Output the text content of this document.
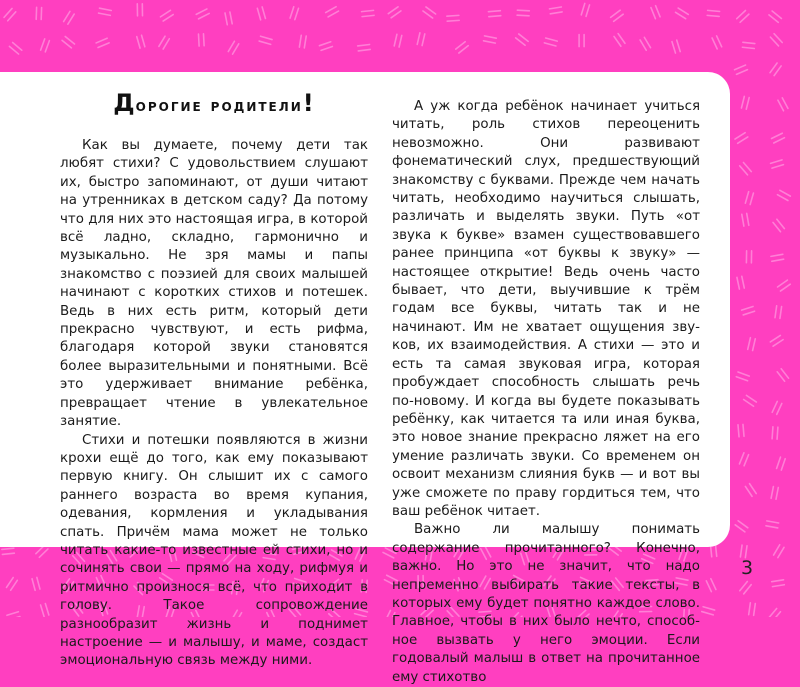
Дорогие родители!

Как вы думаете, почему дети так любят стихи? С удовольствием слушают их, быстро запоминают, от души читают на утренниках в детском саду? Да потому что для них это настоящая игра, в которой всё ладно, складно, гармонично и музыкально. Не зря мамы и папы знакомство с поэзией для своих малышей начинают с коротких стихов и потешек. Ведь в них есть ритм, который дети прекрасно чувствуют, и есть рифма, благодаря которой звуки становятся более выразительными и понятными. Всё это удерживает внимание ребёнка, превращает чтение в увлекательное занятие.

Стихи и потешки появляются в жизни крохи ещё до того, как ему показывают первую книгу. Он слышит их с самого раннего возраста во время купания, одевания, кормления и укладывания спать. Причём мама может не только читать какие-то известные ей стихи, но и сочинять свои — прямо на ходу, рифмуя и ритмично произнося всё, что приходит в голову. Такое сопровождение разнообразит жизнь и поднимет настроение — и малышу, и маме, создаст эмоциональную связь между ними.

А уж когда ребёнок начинает учиться читать, роль стихов переоценить невозможно. Они развивают фонематический слух, предшествующий знакомству с буквами. Прежде чем начать читать, необходимо научиться слышать, различать и выделять звуки. Путь «от звука к букве» взамен существовавшего ранее принципа «от буквы к звуку» — настоящее открытие! Ведь очень часто бывает, что дети, выучившие к трём годам все буквы, читать так и не начинают. Им не хватает ощущения звуков, их взаимодействия. А стихи — это и есть та самая звуковая игра, которая пробуждает способность слышать речь по-новому. И когда вы будете показывать ребёнку, как читается та или иная буква, это новое знание прекрасно ляжет на его умение различать звуки. Со временем он освоит механизм слияния букв — и вот вы уже сможете по праву гордиться тем, что ваш ребёнок читает.

Важно ли малышу понимать содержание прочитанного? Конечно, важно. Но это не значит, что надо непременно выбирать такие тексты, в которых ему будет понятно каждое слово. Главное, чтобы в них было нечто, способное вызвать у него эмоции. Если годовалый малыш в ответ на прочитанное ему стихотво

3
